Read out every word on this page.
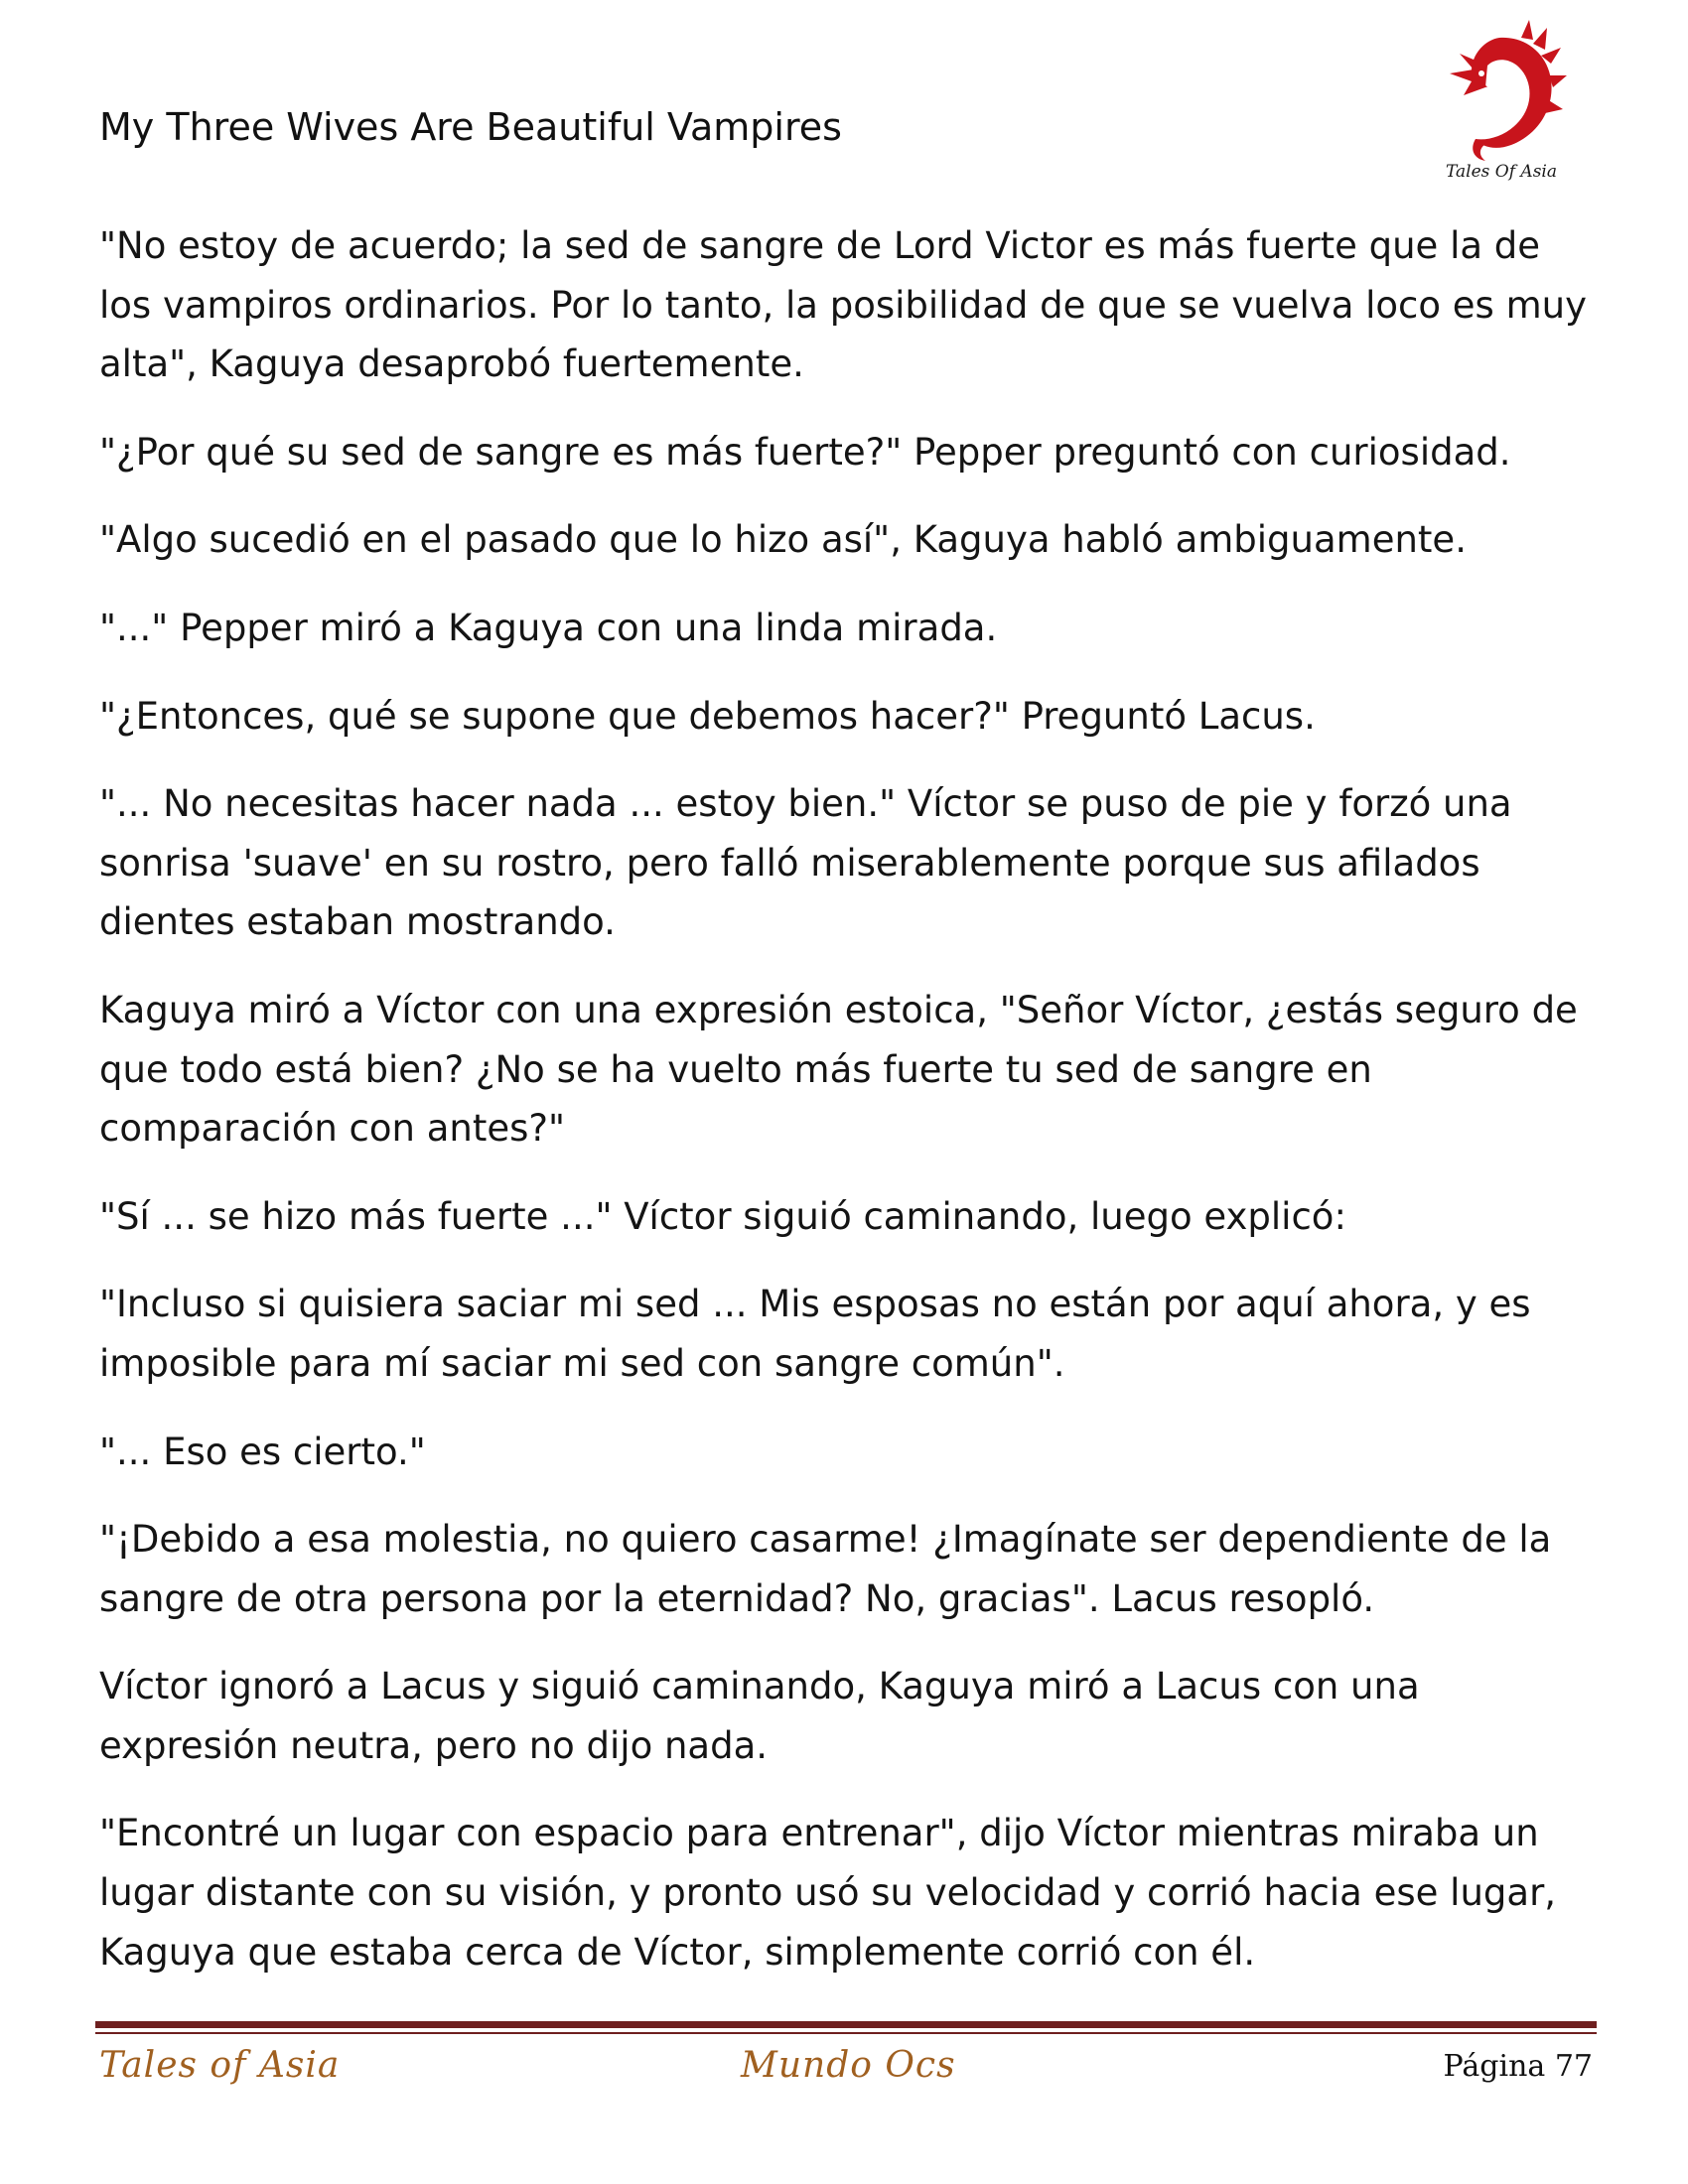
My Three Wives Are Beautiful Vampires
Tales Of Asia

"No estoy de acuerdo; la sed de sangre de Lord Victor es más fuerte que la de los vampiros ordinarios. Por lo tanto, la posibilidad de que se vuelva loco es muy alta", Kaguya desaprobó fuertemente.

"¿Por qué su sed de sangre es más fuerte?" Pepper preguntó con curiosidad.

"Algo sucedió en el pasado que lo hizo así", Kaguya habló ambiguamente.

"..." Pepper miró a Kaguya con una linda mirada.

"¿Entonces, qué se supone que debemos hacer?" Preguntó Lacus.

"... No necesitas hacer nada ... estoy bien." Víctor se puso de pie y forzó una sonrisa 'suave' en su rostro, pero falló miserablemente porque sus afilados dientes estaban mostrando.

Kaguya miró a Víctor con una expresión estoica, "Señor Víctor, ¿estás seguro de que todo está bien? ¿No se ha vuelto más fuerte tu sed de sangre en comparación con antes?"

"Sí ... se hizo más fuerte ..." Víctor siguió caminando, luego explicó:

"Incluso si quisiera saciar mi sed ... Mis esposas no están por aquí ahora, y es imposible para mí saciar mi sed con sangre común".

"... Eso es cierto."

"¡Debido a esa molestia, no quiero casarme! ¿Imagínate ser dependiente de la sangre de otra persona por la eternidad? No, gracias". Lacus resopló.

Víctor ignoró a Lacus y siguió caminando, Kaguya miró a Lacus con una expresión neutra, pero no dijo nada.

"Encontré un lugar con espacio para entrenar", dijo Víctor mientras miraba un lugar distante con su visión, y pronto usó su velocidad y corrió hacia ese lugar, Kaguya que estaba cerca de Víctor, simplemente corrió con él.

Tales of Asia	Mundo Ocs	Página 77
